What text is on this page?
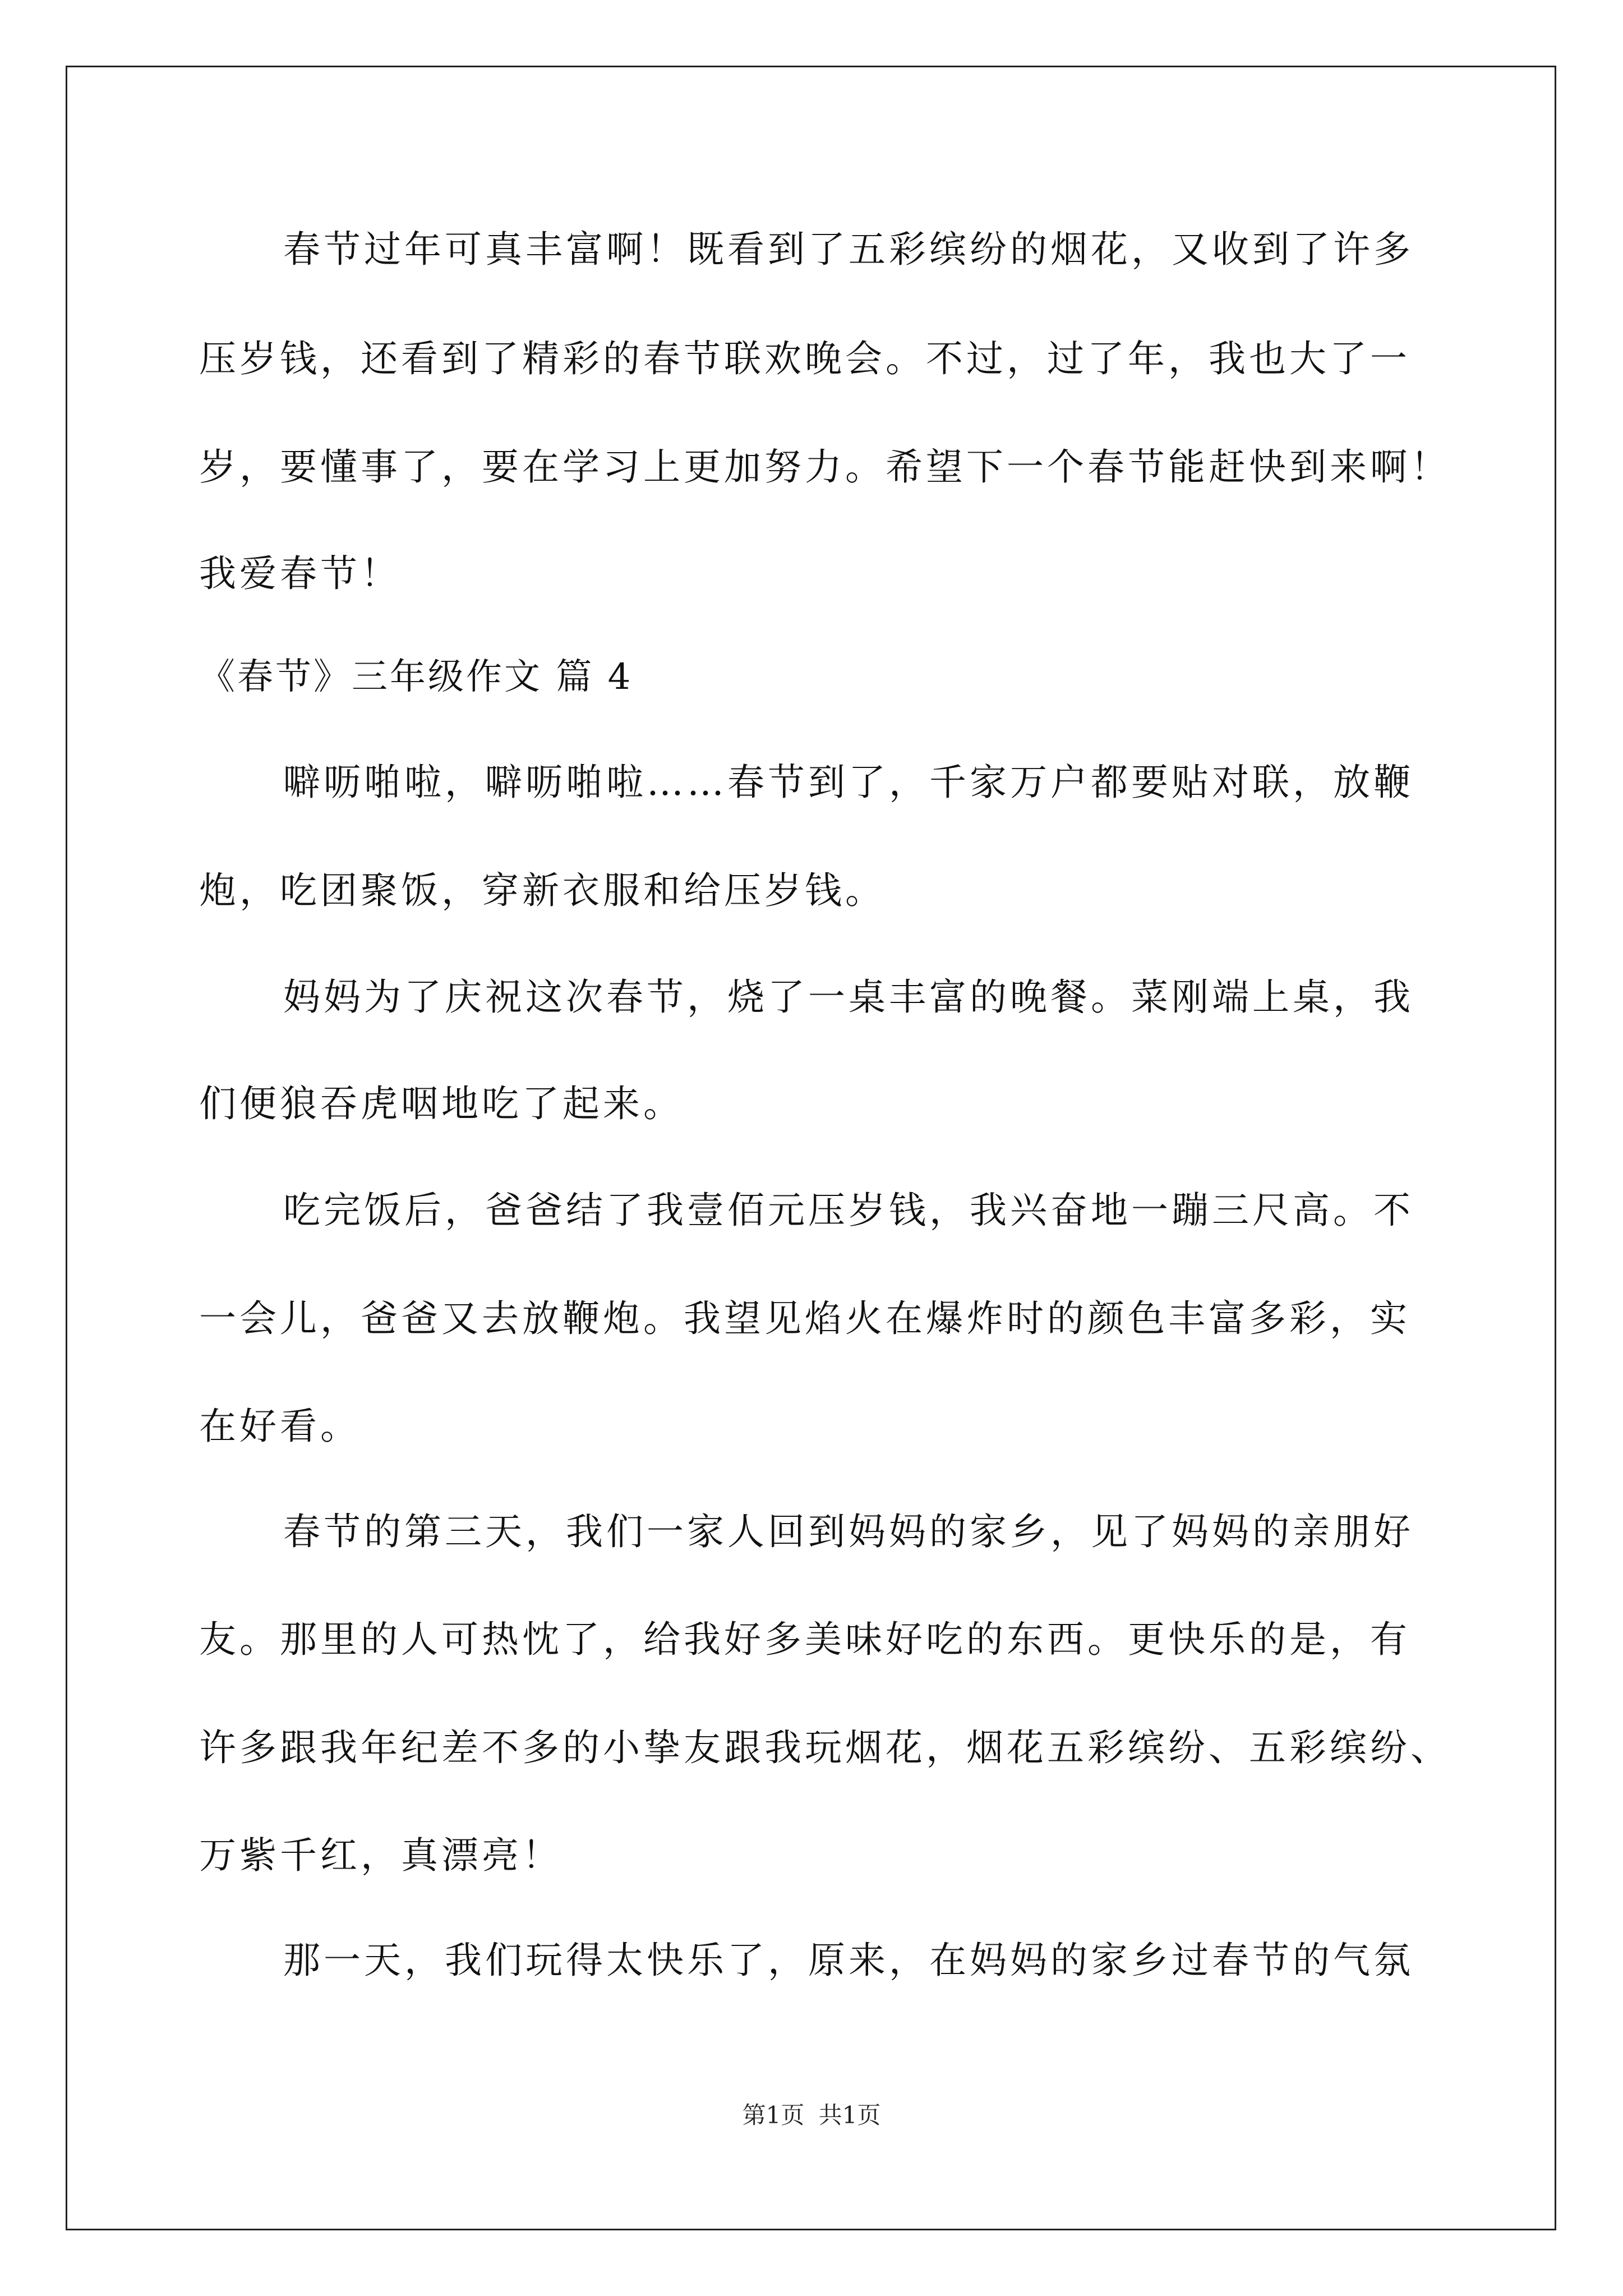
春节过年可真丰富啊！既看到了五彩缤纷的烟花，又收到了许多
压岁钱，还看到了精彩的春节联欢晚会。不过，过了年，我也大了一
岁，要懂事了，要在学习上更加努力。希望下一个春节能赶快到来啊！
我爱春节！
《春节》三年级作文 篇 4
噼呖啪啦，噼呖啪啦……春节到了，千家万户都要贴对联，放鞭
炮，吃团聚饭，穿新衣服和给压岁钱。
妈妈为了庆祝这次春节，烧了一桌丰富的晚餐。菜刚端上桌，我
们便狼吞虎咽地吃了起来。
吃完饭后，爸爸结了我壹佰元压岁钱，我兴奋地一蹦三尺高。不
一会儿，爸爸又去放鞭炮。我望见焰火在爆炸时的颜色丰富多彩，实
在好看。
春节的第三天，我们一家人回到妈妈的家乡，见了妈妈的亲朋好
友。那里的人可热忱了，给我好多美味好吃的东西。更快乐的是，有
许多跟我年纪差不多的小挚友跟我玩烟花，烟花五彩缤纷、五彩缤纷、
万紫千红，真漂亮！
那一天，我们玩得太快乐了，原来，在妈妈的家乡过春节的气氛
第1页 共1页
